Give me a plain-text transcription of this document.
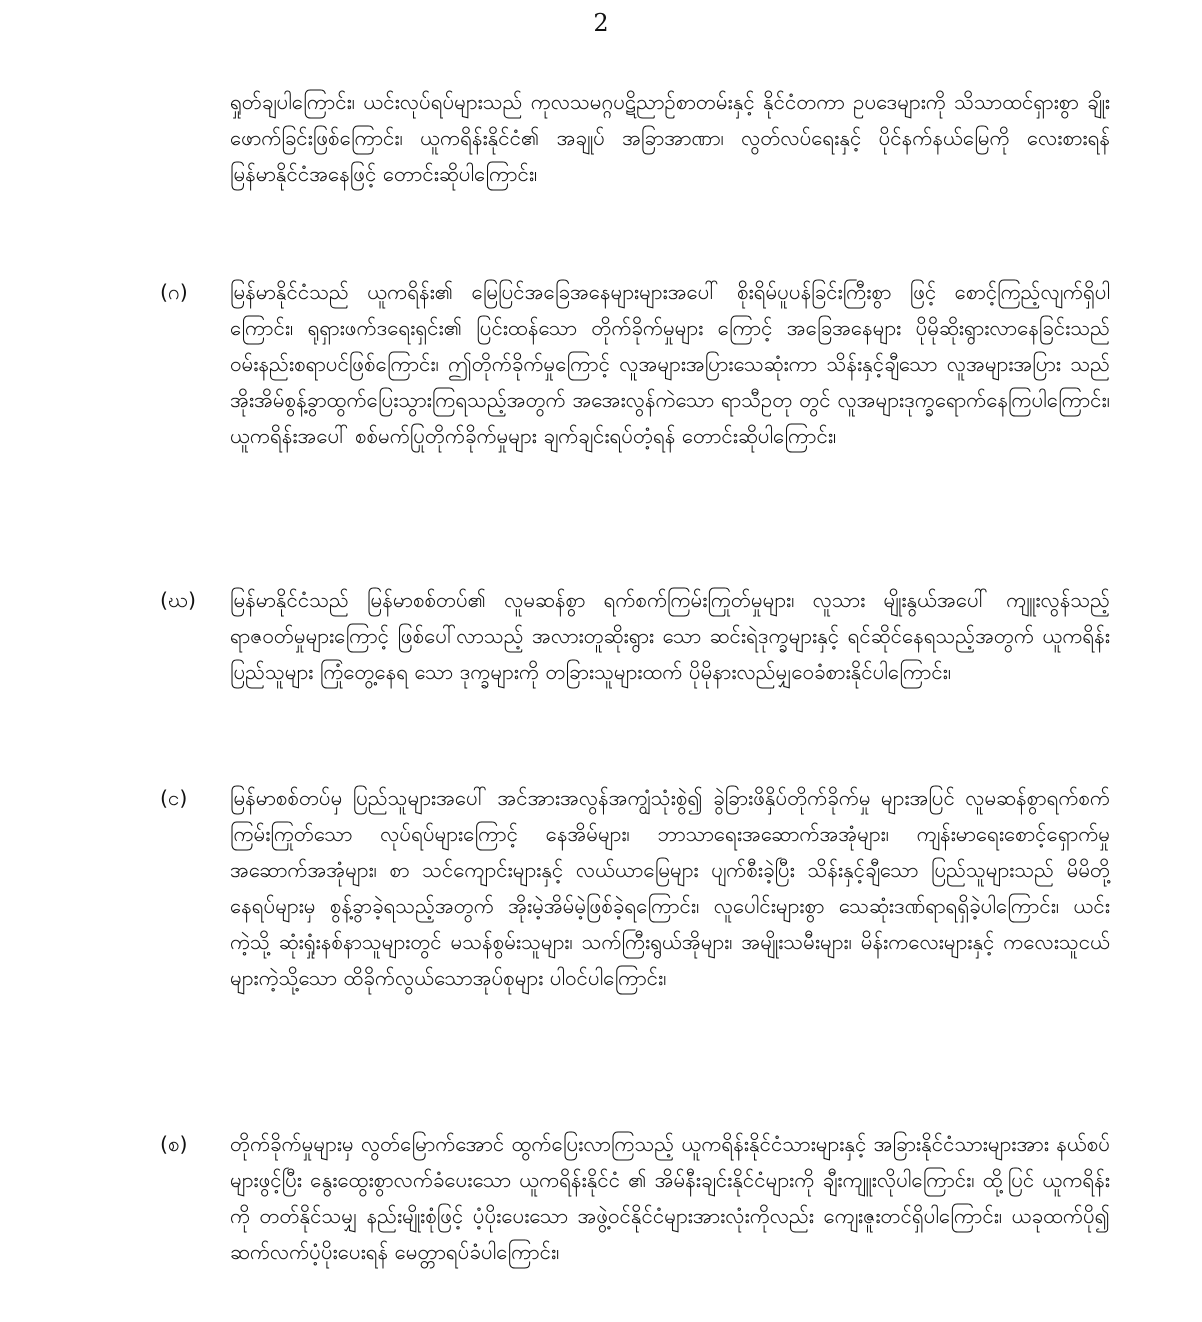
2
ရှုတ်ချပါကြောင်း၊ ယင်းလုပ်ရပ်များသည် ကုလသမဂ္ဂပဋိညာဉ်စာတမ်းနှင့် နိုင်ငံတကာ ဥပဒေများကို သိသာထင်ရှားစွာ ချိုးဖောက်ခြင်းဖြစ်ကြောင်း၊ ယူကရိန်းနိုင်ငံ၏ အချုပ် အခြာအာဏာ၊ လွတ်လပ်ရေးနှင့် ပိုင်နက်နယ်မြေကို လေးစားရန် မြန်မာနိုင်ငံအနေဖြင့် တောင်းဆိုပါကြောင်း၊
(ဂ)	မြန်မာနိုင်ငံသည် ယူကရိန်း၏ မြေပြင်အခြေအနေများများအပေါ် စိုးရိမ်ပူပန်ခြင်းကြီးစွာ ဖြင့် စောင့်ကြည့်လျက်ရှိပါကြောင်း၊ ရုရှားဖက်ဒရေးရှင်း၏ ပြင်းထန်သော တိုက်ခိုက်မှုများ ကြောင့် အခြေအနေများ ပိုမိုဆိုးရွားလာနေခြင်းသည် ဝမ်းနည်းစရာပင်ဖြစ်ကြောင်း၊ ဤတိုက်ခိုက်မှုကြောင့် လူအများအပြားသေဆုံးကာ သိန်းနှင့်ချီသော လူအများအပြား သည် အိုးအိမ်စွန့်ခွာထွက်ပြေးသွားကြရသည့်အတွက် အအေးလွန်ကဲသော ရာသီဥတု တွင် လူအများဒုက္ခရောက်နေကြပါကြောင်း၊ ယူကရိန်းအပေါ် စစ်မက်ပြုတိုက်ခိုက်မှုများ ချက်ချင်းရပ်တံ့ရန် တောင်းဆိုပါကြောင်း၊
(ဃ)	မြန်မာနိုင်ငံသည် မြန်မာစစ်တပ်၏ လူမဆန်စွာ ရက်စက်ကြမ်းကြုတ်မှုများ၊ လူသား မျိုးနွယ်အပေါ် ကျူးလွန်သည့် ရာဇဝတ်မှုများကြောင့် ဖြစ်ပေါ်လာသည့် အလားတူဆိုးရွား သော ဆင်းရဲဒုက္ခများနှင့် ရင်ဆိုင်နေရသည့်အတွက် ယူကရိန်းပြည်သူများ ကြုံတွေ့နေရ သော ဒုက္ခများကို တခြားသူများထက် ပိုမိုနားလည်မျှဝေခံစားနိုင်ပါကြောင်း၊
(င)	မြန်မာစစ်တပ်မှ ပြည်သူများအပေါ် အင်အားအလွန်အကျွံသုံးစွဲ၍ ခွဲခြားဖိနှိပ်တိုက်ခိုက်မှု များအပြင် လူမဆန်စွာရက်စက်ကြမ်းကြုတ်သော လုပ်ရပ်များကြောင့် နေအိမ်များ၊ ဘာသာရေးအဆောက်အအုံများ၊ ကျန်းမာရေးစောင့်ရှောက်မှု အဆောက်အအုံများ၊ စာ သင်ကျောင်းများနှင့် လယ်ယာမြေများ ပျက်စီးခဲ့ပြီး သိန်းနှင့်ချီသော ပြည်သူများသည် မိမိတို့နေရပ်များမှ စွန့်ခွာခဲ့ရသည့်အတွက် အိုးမဲ့အိမ်မဲ့ဖြစ်ခဲ့ရကြောင်း၊ လူပေါင်းများစွာ သေဆုံးဒဏ်ရာရရှိခဲ့ပါကြောင်း၊ ယင်းကဲ့သို့ ဆုံးရှုံးနစ်နာသူများတွင် မသန်စွမ်းသူများ၊ သက်ကြီးရွယ်အိုများ၊ အမျိုးသမီးများ၊ မိန်းကလေးများနှင့် ကလေးသူငယ်များကဲ့သို့သော ထိခိုက်လွယ်သောအုပ်စုများ ပါဝင်ပါကြောင်း၊
(စ)	တိုက်ခိုက်မှုများမှ လွတ်မြောက်အောင် ထွက်ပြေးလာကြသည့် ယူကရိန်းနိုင်ငံသားများနှင့် အခြားနိုင်ငံသားများအား နယ်စပ်များဖွင့်ပြီး နွေးထွေးစွာလက်ခံပေးသော ယူကရိန်းနိုင်ငံ ၏ အိမ်နီးချင်းနိုင်ငံများကို ချီးကျူးလိုပါကြောင်း၊ ထို့ပြင် ယူကရိန်းကို တတ်နိုင်သမျှ နည်းမျိုးစုံဖြင့် ပံ့ပိုးပေးသော အဖွဲ့ဝင်နိုင်ငံများအားလုံးကိုလည်း ကျေးဇူးတင်ရှိပါကြောင်း၊ ယခုထက်ပို၍ ဆက်လက်ပံ့ပိုးပေးရန် မေတ္တာရပ်ခံပါကြောင်း၊
